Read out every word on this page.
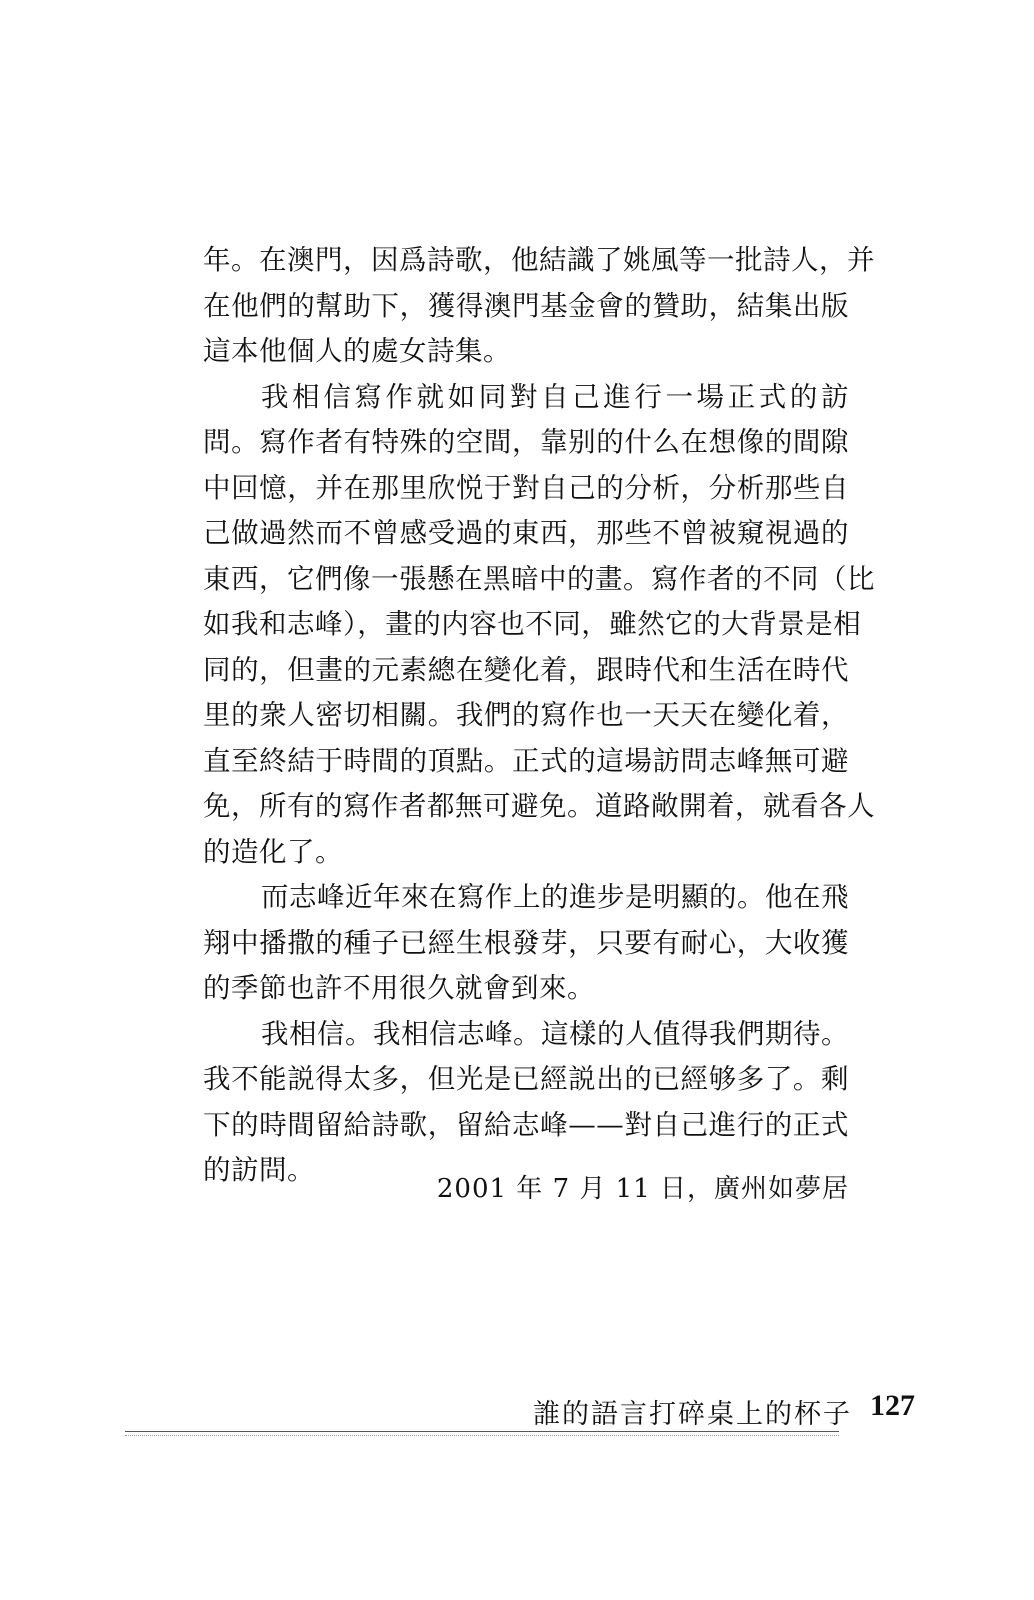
年。在澳門，因爲詩歌，他結識了姚風等一批詩人，并
在他們的幫助下，獲得澳門基金會的贊助，結集出版
這本他個人的處女詩集。
我相信寫作就如同對自己進行一場正式的訪
問。寫作者有特殊的空間，靠别的什么在想像的間隙
中回憶，并在那里欣悦于對自己的分析，分析那些自
己做過然而不曾感受過的東西，那些不曾被窺視過的
東西，它們像一張懸在黑暗中的畫。寫作者的不同（比
如我和志峰），畫的内容也不同，雖然它的大背景是相
同的，但畫的元素總在變化着，跟時代和生活在時代
里的衆人密切相關。我們的寫作也一天天在變化着，
直至終結于時間的頂點。正式的這場訪問志峰無可避
免，所有的寫作者都無可避免。道路敞開着，就看各人
的造化了。
而志峰近年來在寫作上的進步是明顯的。他在飛
翔中播撒的種子已經生根發芽，只要有耐心，大收獲
的季節也許不用很久就會到來。
我相信。我相信志峰。這樣的人值得我們期待。
我不能説得太多，但光是已經説出的已經够多了。剩
下的時間留給詩歌，留給志峰——對自己進行的正式
的訪問。
2001 年 7 月 11 日，廣州如夢居
誰的語言打碎桌上的杯子 127
